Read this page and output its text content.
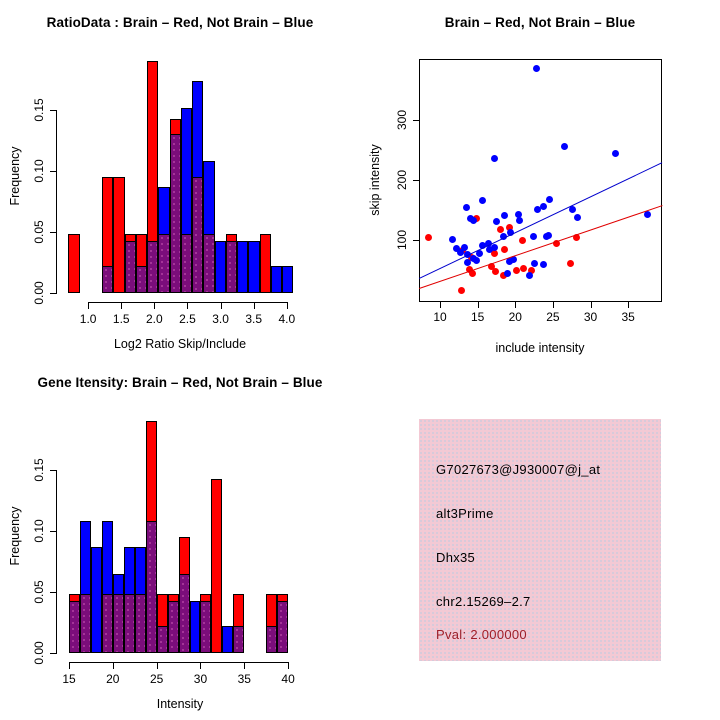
RatioData : Brain – Red, Not Brain – Blue
Frequency
Log2 Ratio Skip/Include
0.00
0.05
0.10
0.15
1.0	1.5	2.0	2.5	3.0	3.5	4.0
Brain – Red, Not Brain – Blue
skip intensity
include intensity
100
200
300
10	15	20	25	30	35
Gene Itensity: Brain – Red, Not Brain – Blue
Frequency
Intensity
0.00
0.05
0.10
0.15
15	20	25	30	35	40
G7027673@J930007@j_at
alt3Prime
Dhx35
chr2.15269–2.7
Pval: 2.000000
